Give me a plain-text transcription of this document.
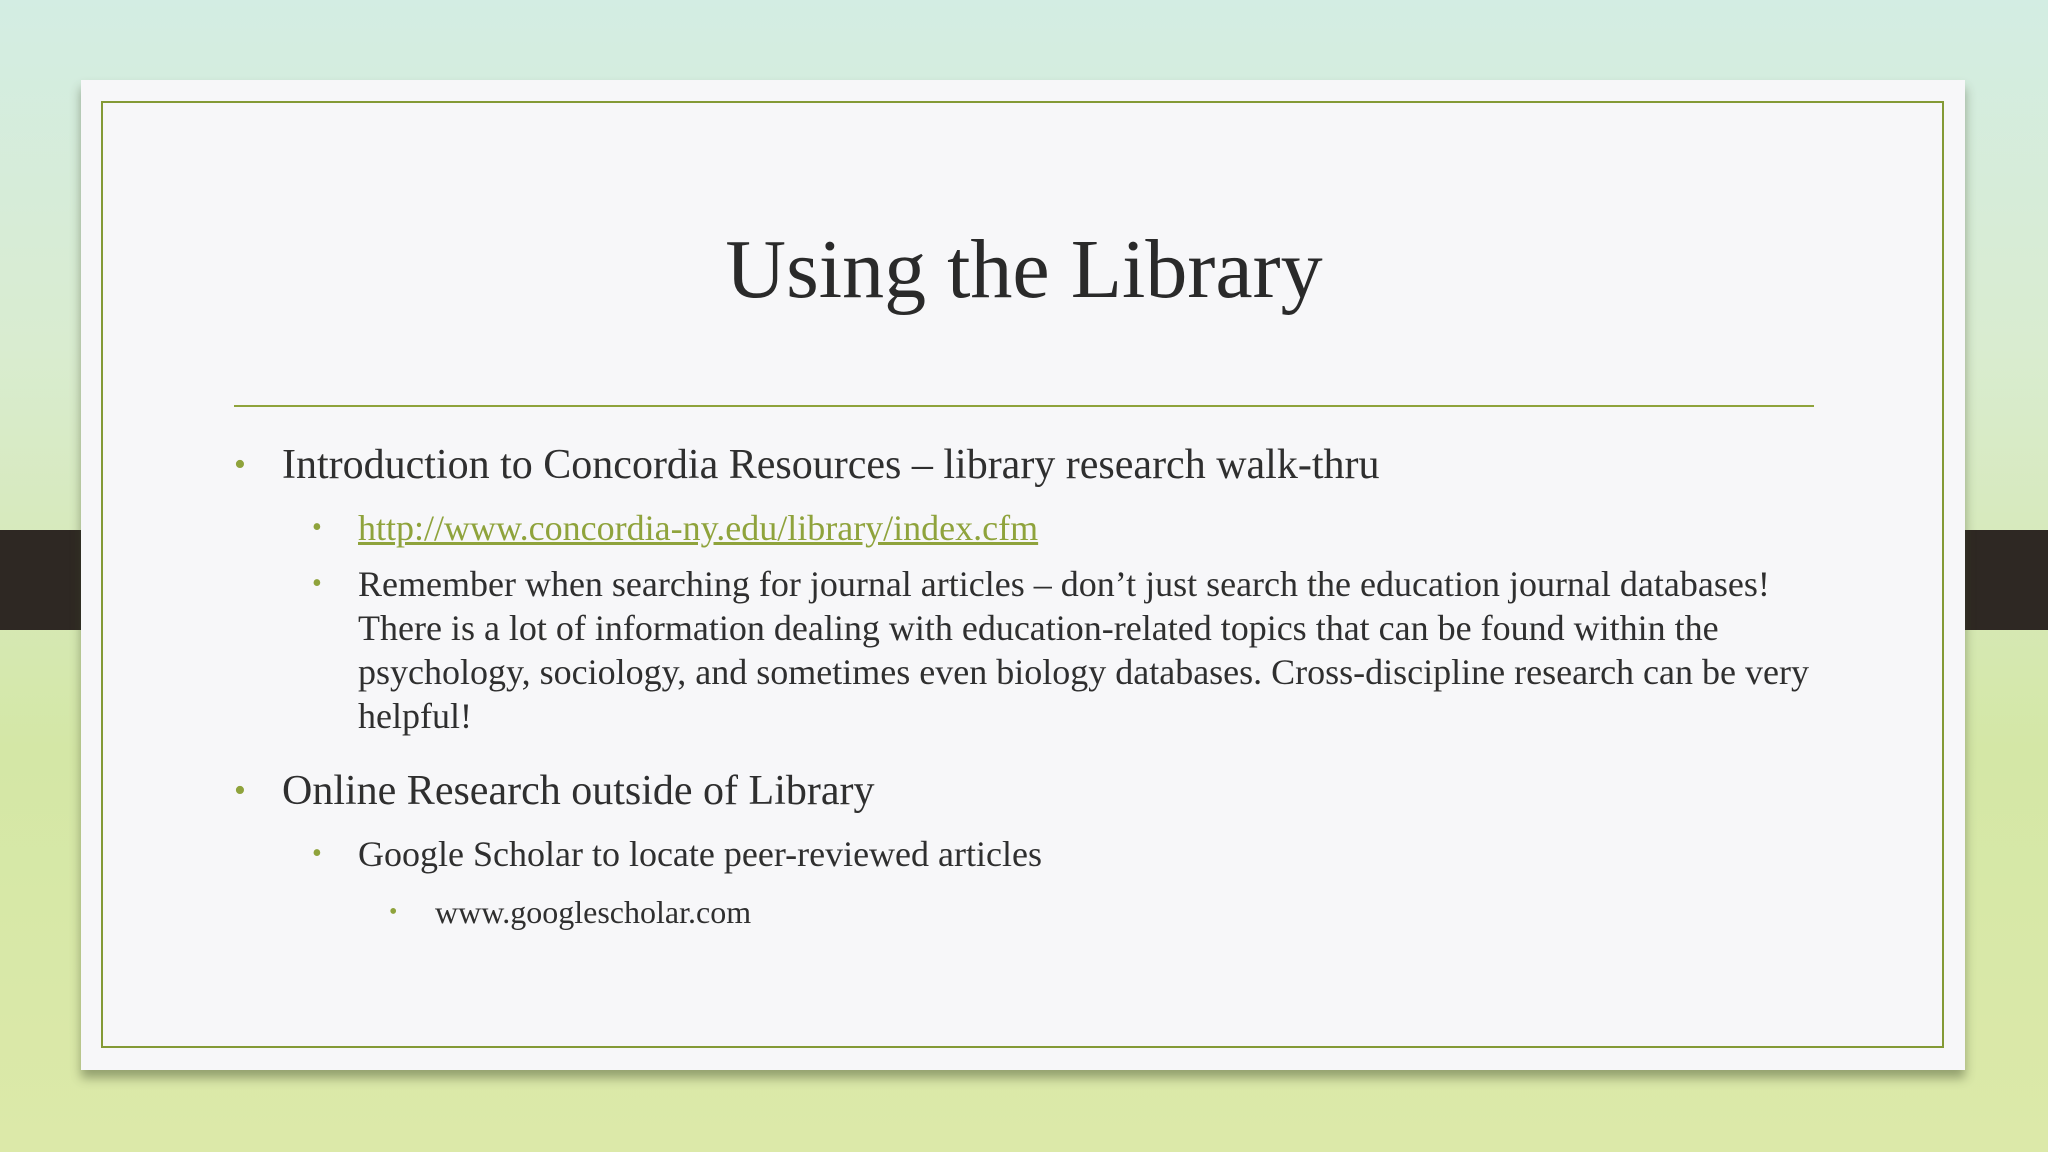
Using the Library
• Introduction to Concordia Resources – library research walk-thru
• http://www.concordia-ny.edu/library/index.cfm
• Remember when searching for journal articles – don’t just search the education journal databases! There is a lot of information dealing with education-related topics that can be found within the psychology, sociology, and sometimes even biology databases. Cross-discipline research can be very helpful!
• Online Research outside of Library
• Google Scholar to locate peer-reviewed articles
• www.googlescholar.com
